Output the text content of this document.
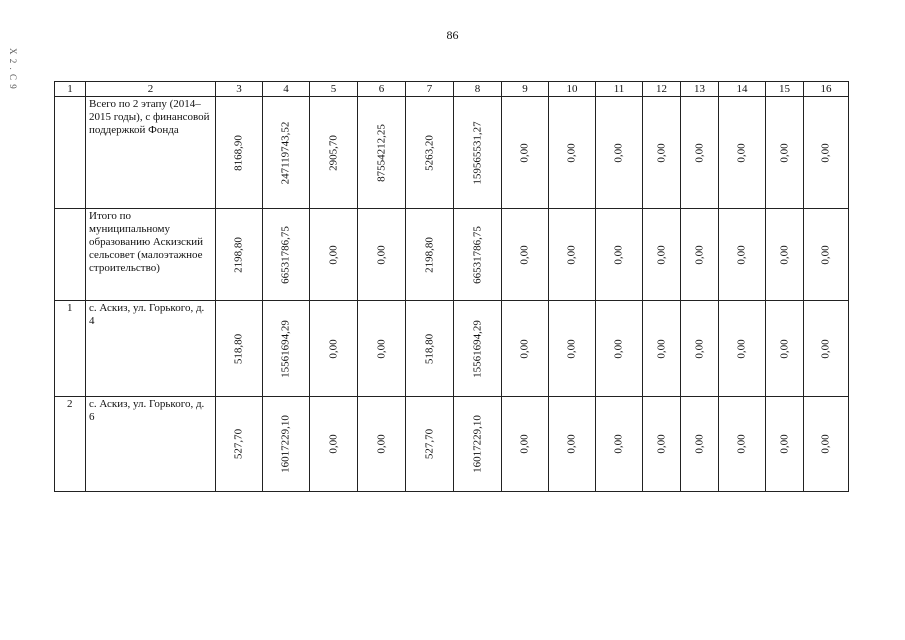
86
Х 2 . С 9	1	2	3	4	5	6	7	8	9	10	11	12	13	14	15	16
	Всего по 2 этапу (2014–2015 годы), с финансовой поддержкой Фонда	8168,90	247119743,52	2905,70	87554212,25	5263,20	159565531,27	0,00	0,00	0,00	0,00	0,00	0,00	0,00	0,00

	Итого по муниципальному образованию Аскизский сельсовет (малоэтажное строительство)	2198,80	66531786,75	0,00	0,00	2198,80	66531786,75	0,00	0,00	0,00	0,00	0,00	0,00	0,00	0,00

1	с. Аскиз, ул. Горького, д. 4	518,80	15561694,29	0,00	0,00	518,80	15561694,29	0,00	0,00	0,00	0,00	0,00	0,00	0,00	0,00

2	с. Аскиз, ул. Горького, д. 6	527,70	16017229,10	0,00	0,00	527,70	16017229,10	0,00	0,00	0,00	0,00	0,00	0,00	0,00	0,00
